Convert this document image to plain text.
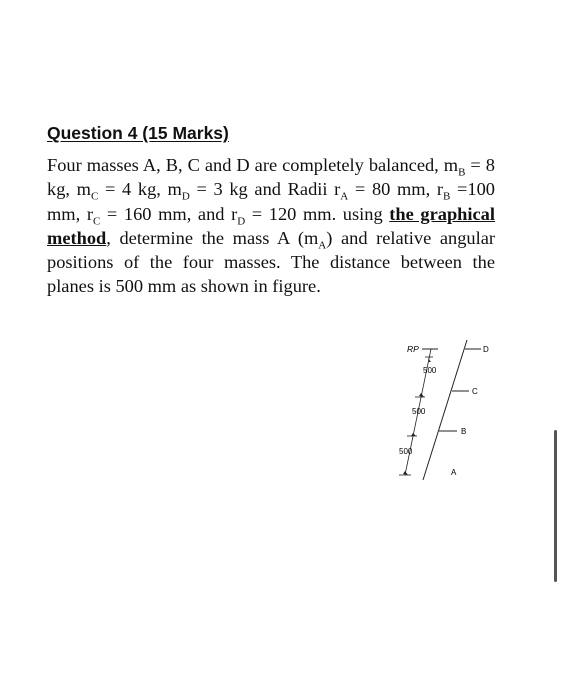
Question 4 (15 Marks)
Four masses A, B, C and D are completely balanced, $m_B = 8$ kg, $m_C = 4$ kg, $m_D = 3$ kg and Radii $r_A = 80$ mm, $r_B =100$ mm, $r_C = 160$ mm, and $r_D = 120$ mm. using the graphical method, determine the mass A $(m_A)$ and relative angular positions of the four masses. The distance between the planes is 500 mm as shown in figure.
RP	D
C
B
A
500
500
500
